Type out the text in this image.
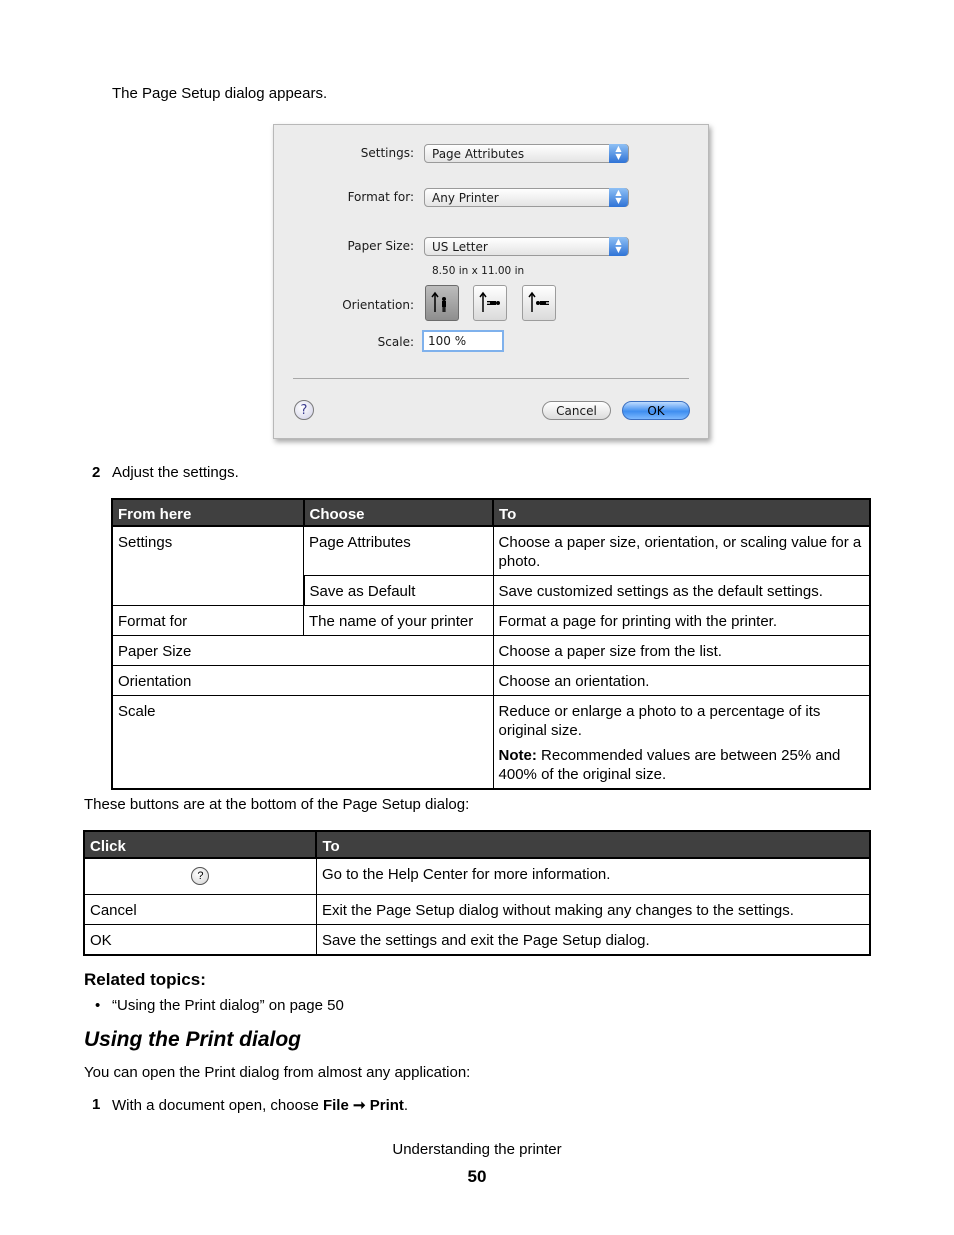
The Page Setup dialog appears.
Settings:	Page Attributes	▲
▼
Format for:	Any Printer	▲
▼
Paper Size:	US Letter	▲
▼
8.50 in x 11.00 in
Orientation:
Scale:	100 %
?	Cancel	OK
2 Adjust the settings.
From here	Choose	To
Settings	Page Attributes	Choose a paper size, orientation, or scaling value for a photo.
	Save as Default	Save customized settings as the default settings.
Format for	The name of your printer	Format a page for printing with the printer.
Paper Size		Choose a paper size from the list.
Orientation		Choose an orientation.
Scale		Reduce or enlarge a photo to a percentage of its original size.
Note: Recommended values are between 25% and 400% of the original size.
These buttons are at the bottom of the Page Setup dialog:
Click	To
?	Go to the Help Center for more information.
Cancel	Exit the Page Setup dialog without making any changes to the settings.
OK	Save the settings and exit the Page Setup dialog.
Related topics:
• “Using the Print dialog” on page 50
Using the Print dialog
You can open the Print dialog from almost any application:
1 With a document open, choose File ➞ Print.
Understanding the printer
50
